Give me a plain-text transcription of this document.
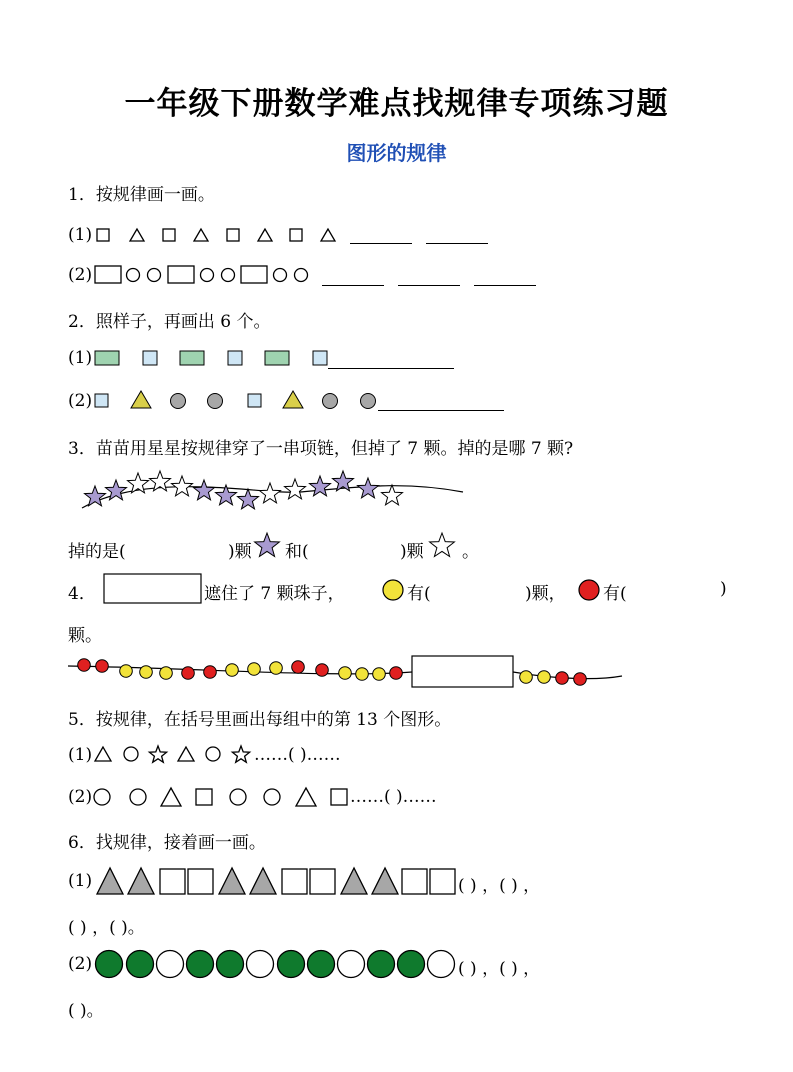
一年级下册数学难点找规律专项练习题
图形的规律
1．按规律画一画。
(1)
(2)
2．照样子，再画出 6 个。
(1)
(2)
3．苗苗用星星按规律穿了一串项链，但掉了 7 颗。掉的是哪 7 颗?
掉的是(	)颗 和(	)颗 。
4．	遮住了 7 颗珠子，	有(	)颗， 有(	)
颗。
5．按规律，在括号里画出每组中的第 13 个图形。
(1)	……( )……
(2)	……( )……
6．找规律，接着画一画。
(1)	( ) ，( ) ，
( ) ，( )。
(2)	( ) ，( ) ，
( )。
